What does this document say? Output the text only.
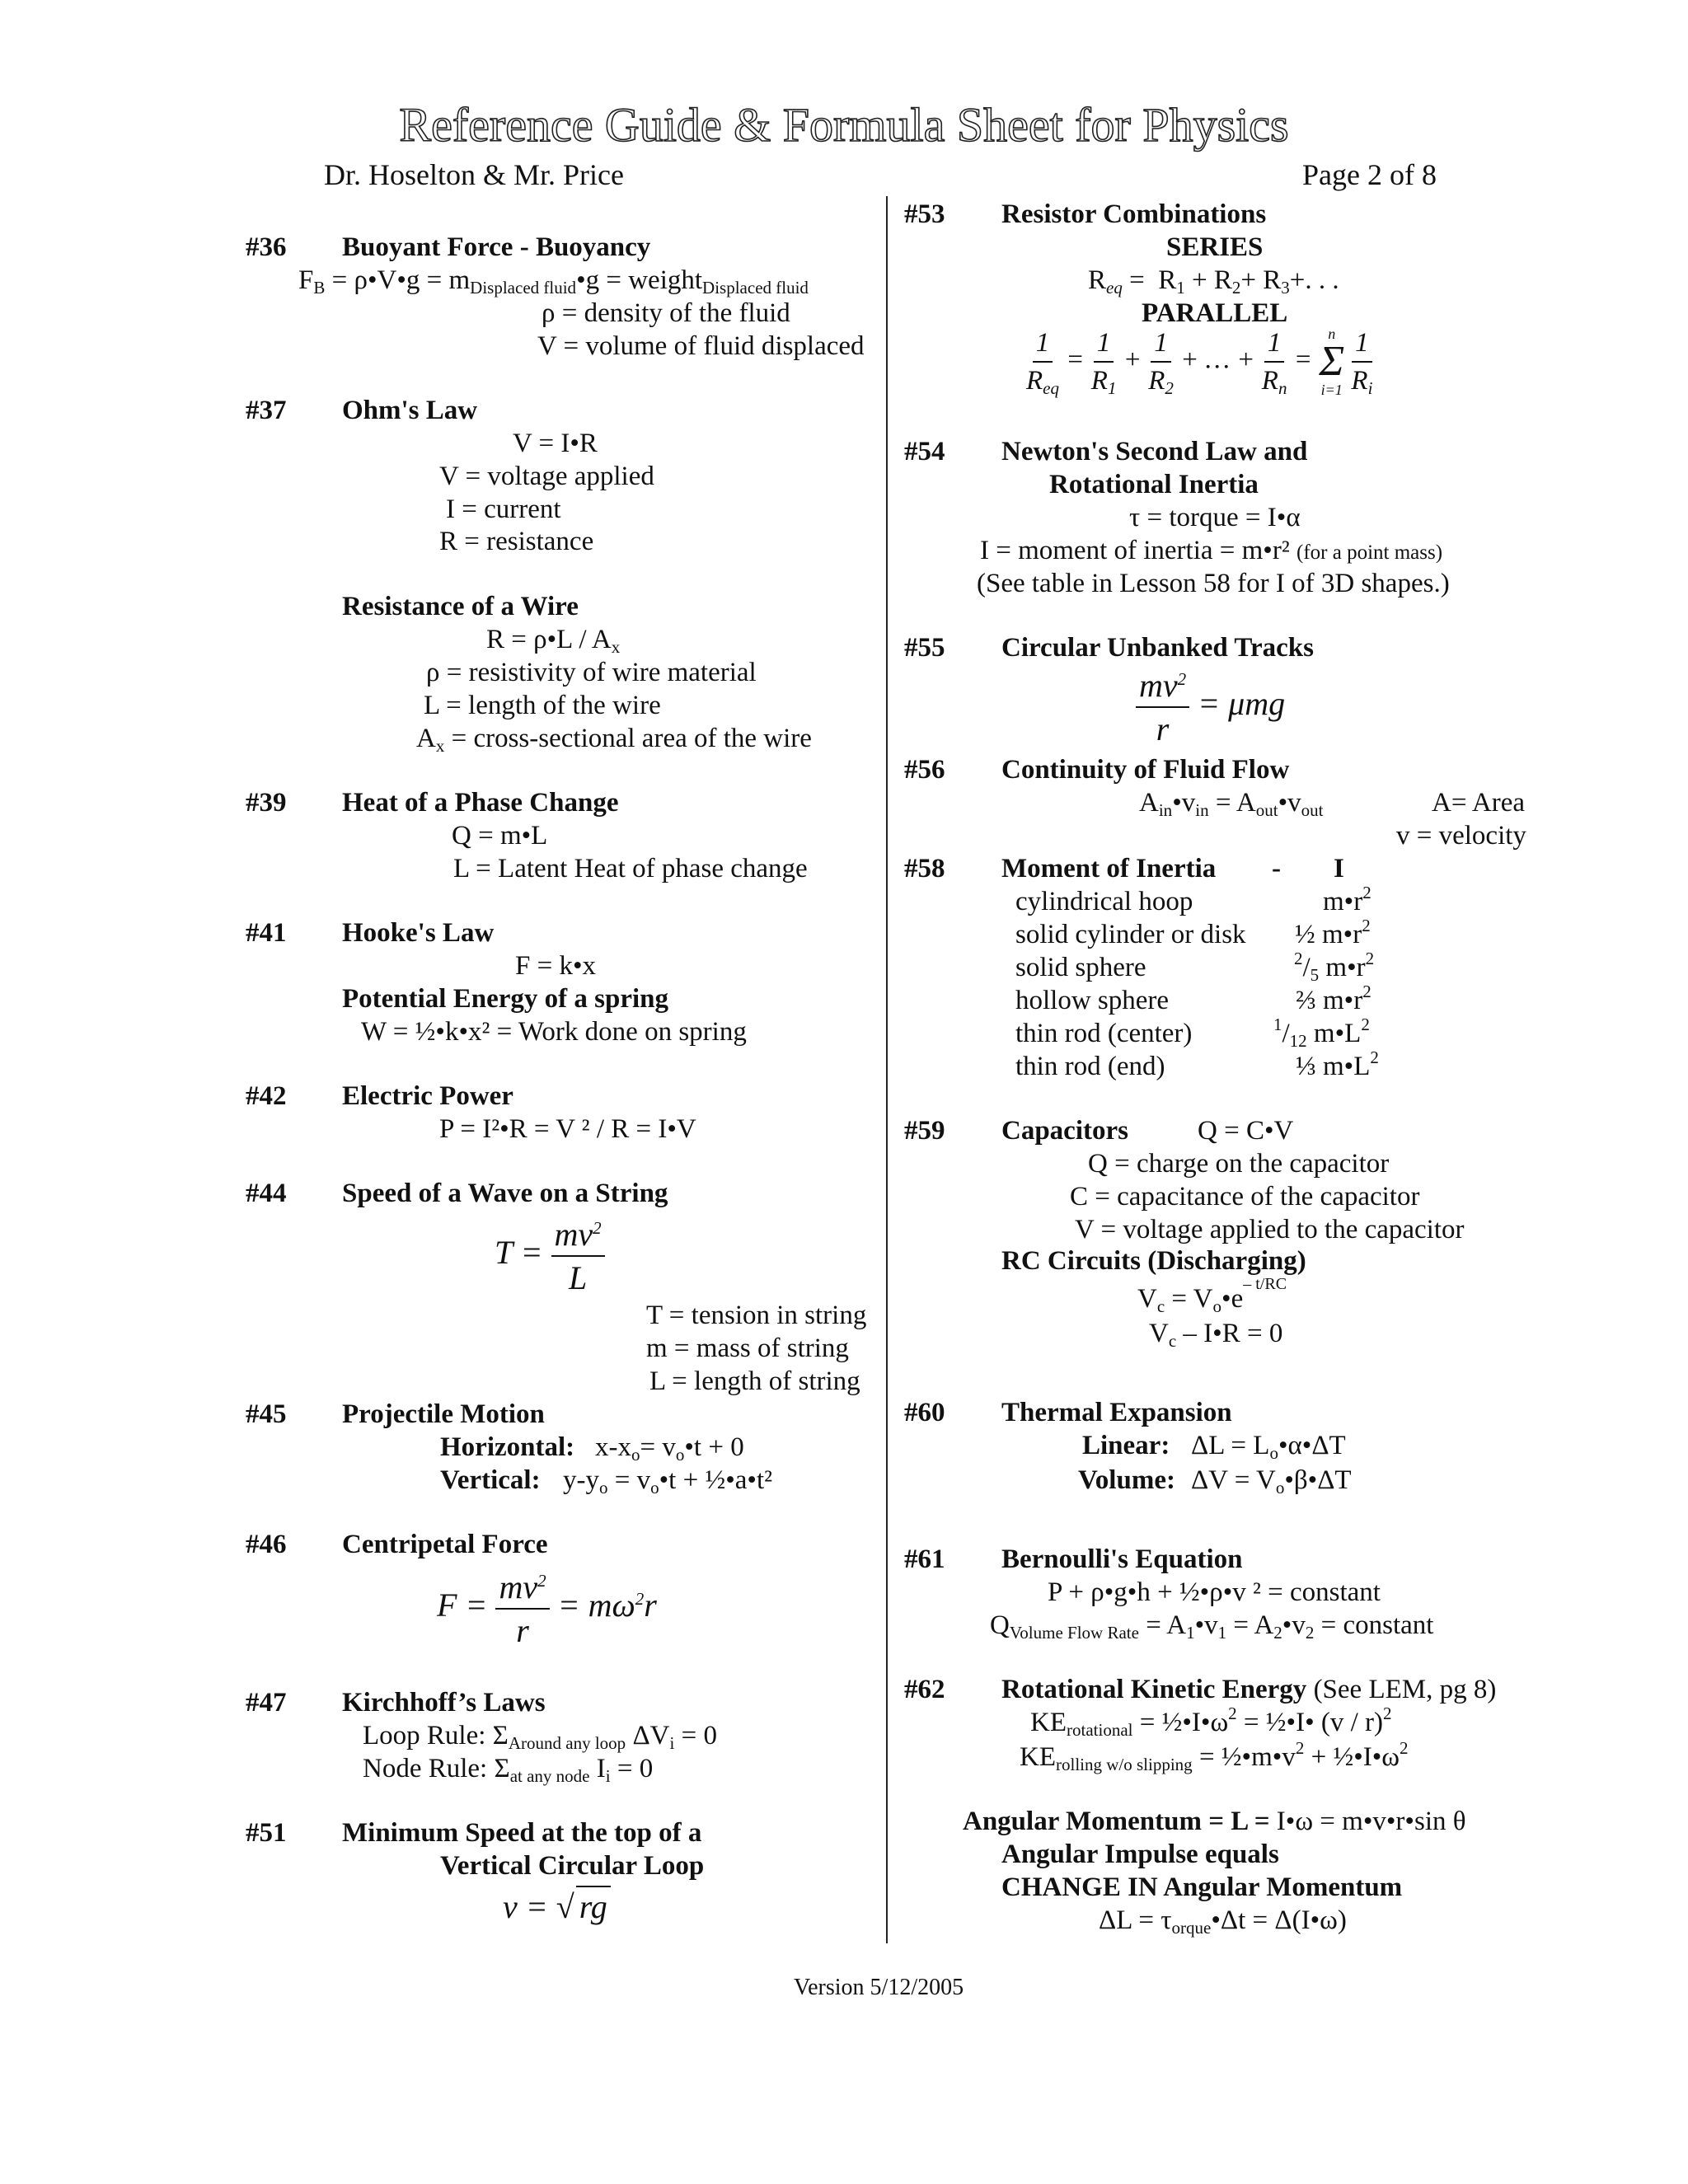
Reference Guide & Formula Sheet for Physics
Dr. Hoselton & Mr. Price	Page 2 of 8
#36 Buoyant Force - Buoyancy
$F_B$ = ρ•V•g = $m_{Displaced fluid}•g$ = weight$_{Displaced fluid}$
ρ = density of the fluid
V = volume of fluid displaced
#37 Ohm's Law
V = I•R
V = voltage applied
I = current
R = resistance
Resistance of a Wire
R = ρ•L / $A_x$
ρ = resistivity of wire material
L = length of the wire
$A_x$ = cross-sectional area of the wire
#39 Heat of a Phase Change
Q = m•L
L = Latent Heat of phase change
#41 Hooke's Law
F = k•x
Potential Energy of a spring
W = ½•k•x² = Work done on spring
#42 Electric Power
P = I²•R = V ² / R = I•V
#44 Speed of a Wave on a String
$T = \frac{mv^2}{L}$
T = tension in string
m = mass of string
L = length of string
#45 Projectile Motion
Horizontal: $x-x_o=$ $v_o•t + 0$
Vertical: $y-y_o$ = $v_o•t$ + ½•a•t²
#46 Centripetal Force
$F = \frac{mv^2}{r} = m\omega^2r$
#47 Kirchhoff’s Laws
Loop Rule: $\Sigma_{Around any loop}$ $\Delta V_i = 0$
Node Rule: $\Sigma_{at any node}$ $I_i = 0$
#51 Minimum Speed at the top of a
Vertical Circular Loop
v = √ rg
#53 Resistor Combinations
SERIES
$R_{eq} = R_1 + R_2+ R_3+$. . .
PARALLEL
$\frac{1}{R_{eq}} = \frac{1}{R_1} + \frac{1}{R_2}$ + … + $\frac{1}{R_n}$ =
n
Σ
i=1
$\frac{1}{R_i}$
#54 Newton's Second Law and
Rotational Inertia
τ = torque = I•α
I = moment of inertia = m•r² (for a point mass)
(See table in Lesson 58 for I of 3D shapes.)
#55 Circular Unbanked Tracks
$\frac{mv^2}{r} = \mu mg$
#56 Continuity of Fluid Flow
$A_{in}•v_{in}$ = $A_{out}•v_{out}$	A= Area
v = velocity
#58 Moment of Inertia - I
cylindrical hoop	$m•r^2$
solid cylinder or disk ½ $m•r^2$
solid sphere	$^2/_5$ $m•r^2$
hollow sphere	⅔ $m•r^2$
thin rod (center)	$^1/_{12}$ $m•L^2$
thin rod (end)	⅓ $m•L^2$
#59 Capacitors	Q = C•V
Q = charge on the capacitor
C = capacitance of the capacitor
V = voltage applied to the capacitor
RC Circuits (Discharging)
$V_c$ = $V_o•e^{- t/RC}$
$V_c$ – I•R = 0
#60 Thermal Expansion
Linear: $\Delta L = L_o•\alpha•\Delta T$
Volume: $\Delta V = V_o•\beta•\Delta T$
#61 Bernoulli's Equation
P + ρ•g•h + ½•ρ•v ² = constant
$Q_{Volume Flow Rate}$ = $A_1•v_1$ = $A_2•v_2$ = constant
#62 Rotational Kinetic Energy (See LEM, pg 8)
$KE_{rotational}$ = $\frac{1}{2}•I•\omega^2$ = ½•I• (v / r)$^2$
$KE_{rolling w/o slipping}$ = $\frac{1}{2}•m•v^2$ + $\frac{1}{2}•I•\omega^2$
Angular Momentum = L = I•ω = m•v•r•sin θ
Angular Impulse equals
CHANGE IN Angular Momentum
$\Delta L = \tau_{orque}•\Delta t$ = Δ(I•ω)
Version 5/12/2005
